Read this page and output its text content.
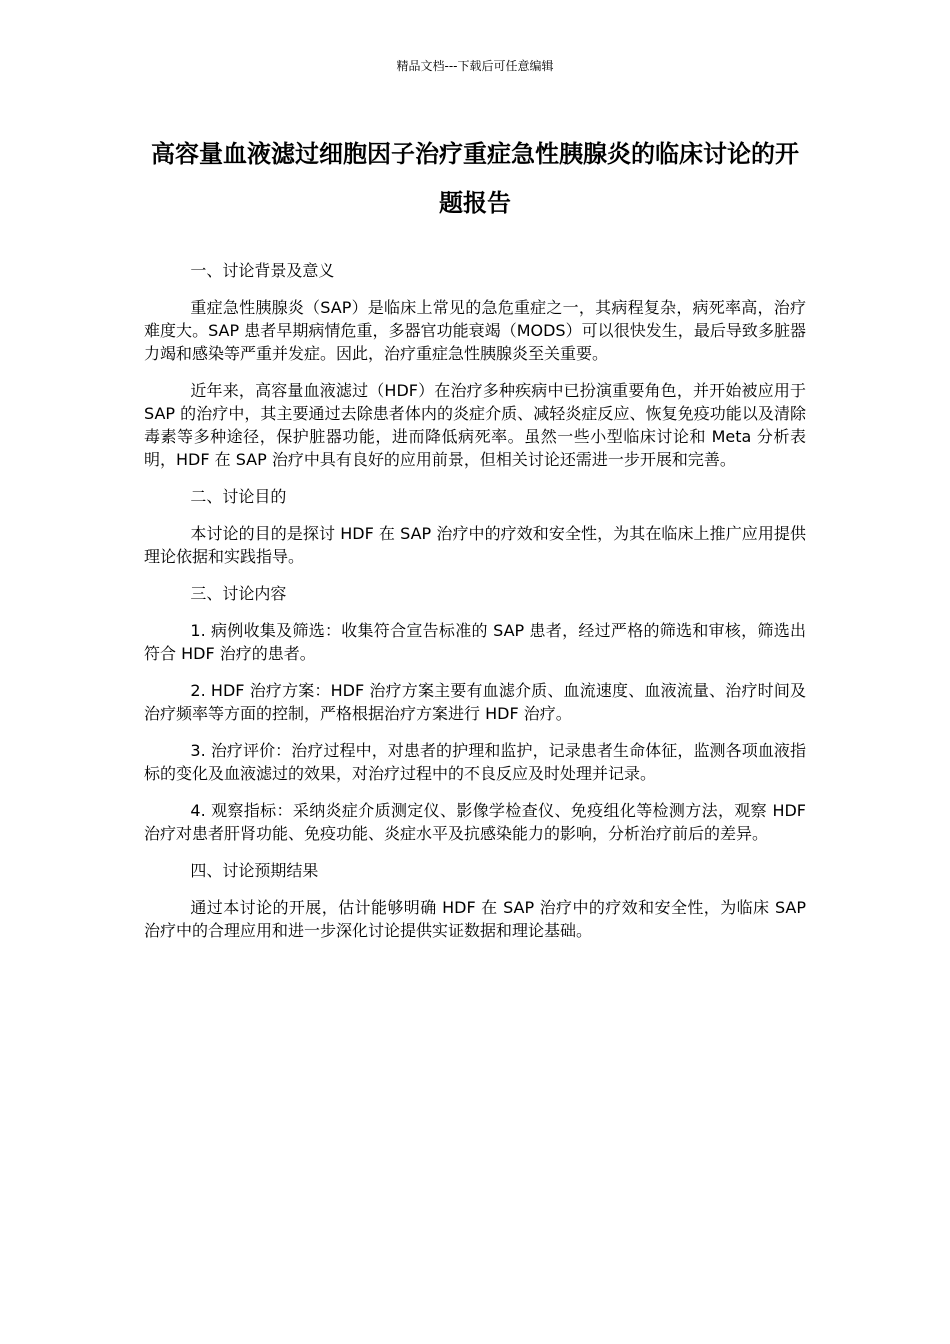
精品文档---下载后可任意编辑
高容量血液滤过细胞因子治疗重症急性胰腺炎的临床讨论的开题报告

一、讨论背景及意义

重症急性胰腺炎（SAP）是临床上常见的急危重症之一，其病程复杂，病死率高，治疗难度大。SAP 患者早期病情危重，多器官功能衰竭（MODS）可以很快发生，最后导致多脏器力竭和感染等严重并发症。因此，治疗重症急性胰腺炎至关重要。

近年来，高容量血液滤过（HDF）在治疗多种疾病中已扮演重要角色，并开始被应用于 SAP 的治疗中，其主要通过去除患者体内的炎症介质、减轻炎症反应、恢复免疫功能以及清除毒素等多种途径，保护脏器功能，进而降低病死率。虽然一些小型临床讨论和 Meta 分析表明，HDF 在 SAP 治疗中具有良好的应用前景，但相关讨论还需进一步开展和完善。

二、讨论目的

本讨论的目的是探讨 HDF 在 SAP 治疗中的疗效和安全性，为其在临床上推广应用提供理论依据和实践指导。

三、讨论内容

1. 病例收集及筛选：收集符合宣告标准的 SAP 患者，经过严格的筛选和审核，筛选出符合 HDF 治疗的患者。

2. HDF 治疗方案：HDF 治疗方案主要有血滤介质、血流速度、血液流量、治疗时间及治疗频率等方面的控制，严格根据治疗方案进行 HDF 治疗。

3. 治疗评价：治疗过程中，对患者的护理和监护，记录患者生命体征，监测各项血液指标的变化及血液滤过的效果，对治疗过程中的不良反应及时处理并记录。

4. 观察指标：采纳炎症介质测定仪、影像学检查仪、免疫组化等检测方法，观察 HDF 治疗对患者肝肾功能、免疫功能、炎症水平及抗感染能力的影响，分析治疗前后的差异。

四、讨论预期结果

通过本讨论的开展，估计能够明确 HDF 在 SAP 治疗中的疗效和安全性，为临床 SAP 治疗中的合理应用和进一步深化讨论提供实证数据和理论基础。
